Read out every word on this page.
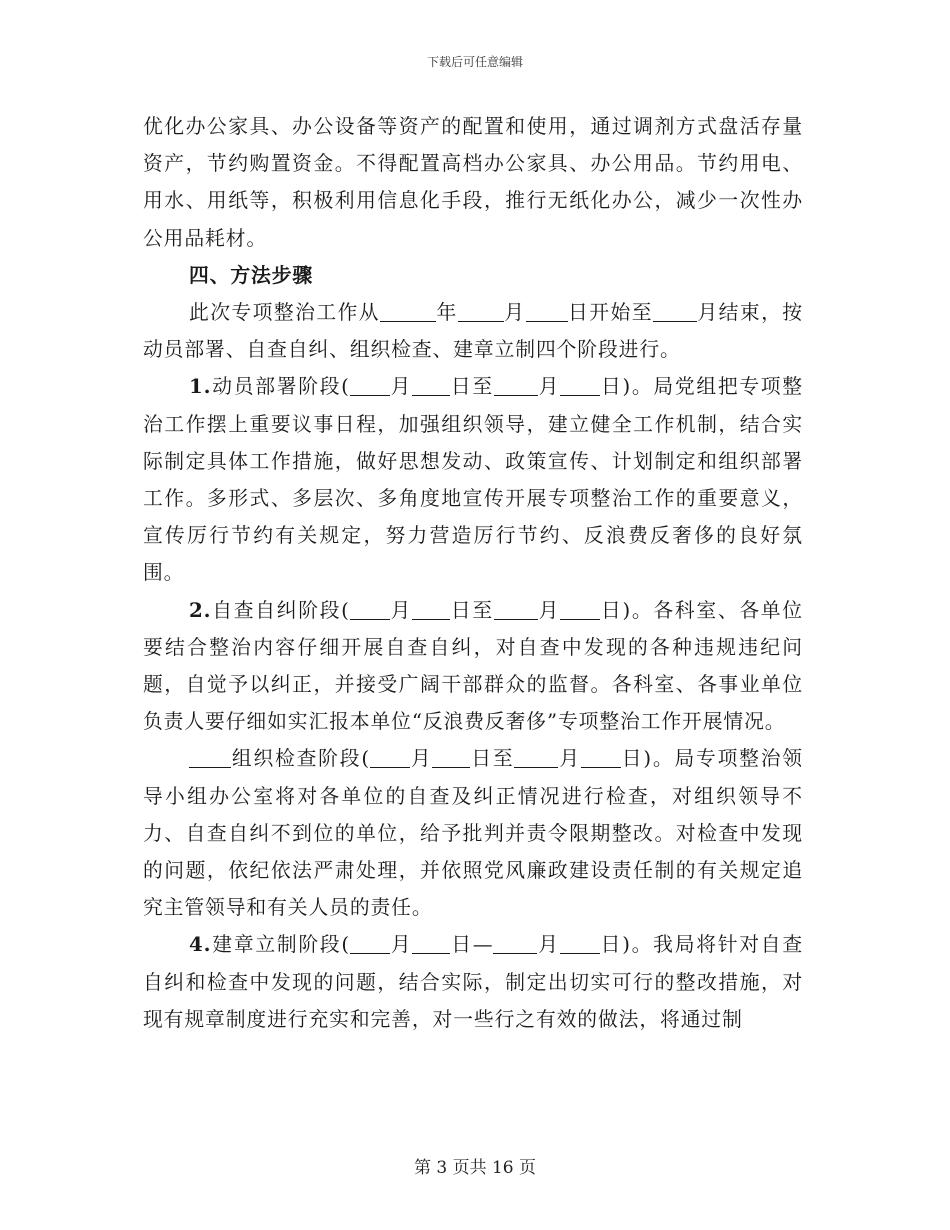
下载后可任意编辑

优化办公家具、办公设备等资产的配置和使用，通过调剂方式盘活存量资产，节约购置资金。不得配置高档办公家具、办公用品。节约用电、用水、用纸等，积极利用信息化手段，推行无纸化办公，减少一次性办公用品耗材。

四、方法步骤

此次专项整治工作从	年 月 日开始至 月结束，按动员部署、自查自纠、组织检查、建章立制四个阶段进行。

1.动员部署阶段( 月 日至 月 日)。局党组把专项整治工作摆上重要议事日程，加强组织领导，建立健全工作机制，结合实际制定具体工作措施，做好思想发动、政策宣传、计划制定和组织部署工作。多形式、多层次、多角度地宣传开展专项整治工作的重要意义，宣传厉行节约有关规定，努力营造厉行节约、反浪费反奢侈的良好氛围。

2.自查自纠阶段( 月 日至 月 日)。各科室、各单位要结合整治内容仔细开展自查自纠，对自查中发现的各种违规违纪问题，自觉予以纠正，并接受广阔干部群众的监督。各科室、各事业单位负责人要仔细如实汇报本单位“反浪费反奢侈”专项整治工作开展情况。

组织检查阶段( 月 日至 月 日)。局专项整治领导小组办公室将对各单位的自查及纠正情况进行检查，对组织领导不力、自查自纠不到位的单位，给予批判并责令限期整改。对检查中发现的问题，依纪依法严肃处理，并依照党风廉政建设责任制的有关规定追究主管领导和有关人员的责任。

4.建章立制阶段( 月 日— 月 日)。我局将针对自查自纠和检查中发现的问题，结合实际，制定出切实可行的整改措施，对现有规章制度进行充实和完善，对一些行之有效的做法，将通过制

第 3 页共 16 页
